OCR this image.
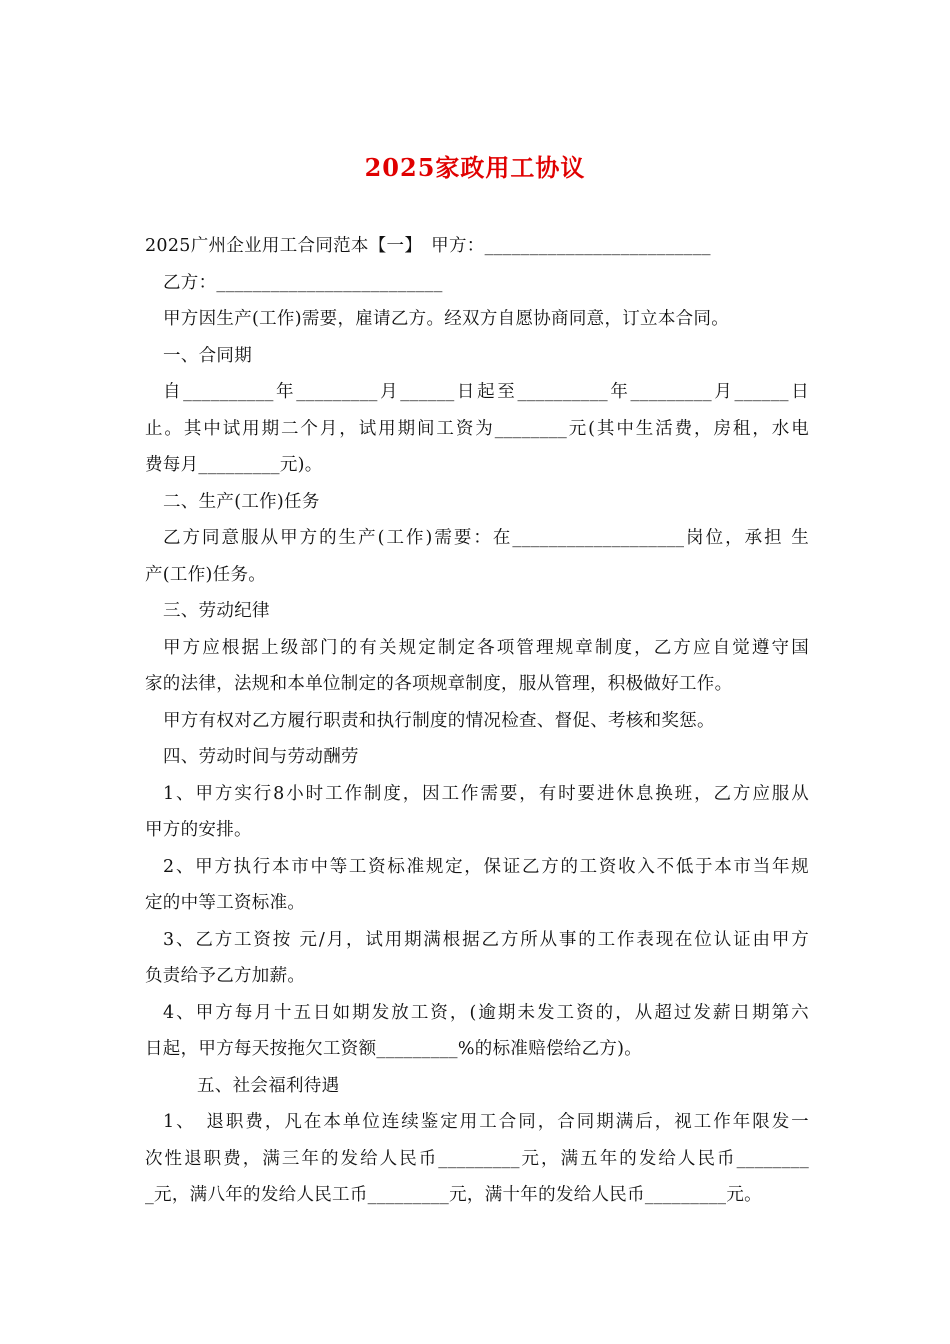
2025家政用工协议
2025广州企业用工合同范本【一】　甲方：_________________________
乙方：_________________________
甲方因生产(工作)需要，雇请乙方。经双方自愿协商同意，订立本合同。
一、合同期
自__________年_________月______日起至__________年_________月______日
止。其中试用期二个月，试用期间工资为________元(其中生活费，房租，水电
费每月_________元)。
二、生产(工作)任务
乙方同意服从甲方的生产(工作)需要：在___________________岗位，承担 生
产(工作)任务。
三、劳动纪律
甲方应根据上级部门的有关规定制定各项管理规章制度，乙方应自觉遵守国
家的法律，法规和本单位制定的各项规章制度，服从管理，积极做好工作。
甲方有权对乙方履行职责和执行制度的情况检查、督促、考核和奖惩。
四、劳动时间与劳动酬劳
1、甲方实行8小时工作制度，因工作需要，有时要进休息换班，乙方应服从
甲方的安排。
2、甲方执行本市中等工资标准规定，保证乙方的工资收入不低于本市当年规
定的中等工资标准。
3、乙方工资按 元/月，试用期满根据乙方所从事的工作表现在位认证由甲方
负责给予乙方加薪。
4、甲方每月十五日如期发放工资，(逾期未发工资的，从超过发薪日期第六
日起，甲方每天按拖欠工资额_________%的标准赔偿给乙方)。
五、社会福利待遇
1、　退职费，凡在本单位连续鉴定用工合同，合同期满后，视工作年限发一
次性退职费，满三年的发给人民币_________元，满五年的发给人民币________
_元，满八年的发给人民工币_________元，满十年的发给人民币_________元。
